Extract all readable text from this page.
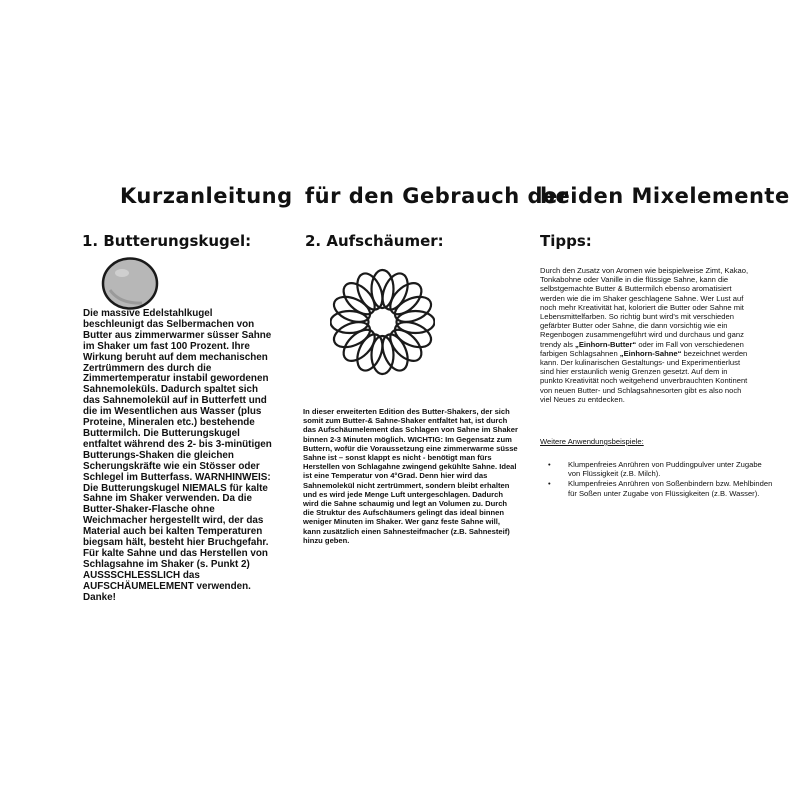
Kurzanleitung für den Gebrauch der
beiden Mixelemente
1. Butterungskugel:
Die massive Edelstahlkugel beschleunigt das Selbermachen von Butter aus zimmerwarmer süsser Sahne im Shaker um fast 100 Prozent. Ihre Wirkung beruht auf dem mechanischen Zertrümmern des durch die Zimmertemperatur instabil gewordenen Sahnemoleküls. Dadurch spaltet sich das Sahnemolekül auf in Butterfett und die im Wesentlichen aus Wasser (plus Proteine, Mineralen etc.) bestehende Buttermilch. Die Butterungskugel entfaltet während des 2- bis 3-minütigen Butterungs-Shaken die gleichen Scherungskräfte wie ein Stösser oder Schlegel im Butterfass. WARNHINWEIS: Die Butterungskugel NIEMALS für kalte Sahne im Shaker verwenden. Da die Butter-Shaker-Flasche ohne Weichmacher hergestellt wird, der das Material auch bei kalten Temperaturen biegsam hält, besteht hier Bruchgefahr. Für kalte Sahne und das Herstellen von Schlagsahne im Shaker (s. Punkt 2) AUSSSCHLESSLICH das AUFSCHÄUMELEMENT verwenden. Danke!
2. Aufschäumer:
In dieser erweiterten Edition des Butter-Shakers, der sich somit zum Butter-& Sahne-Shaker entfaltet hat, ist durch das Aufschäumelement das Schlagen von Sahne im Shaker binnen 2-3 Minuten möglich. WICHTIG: Im Gegensatz zum Buttern, wofür die Voraussetzung eine zimmerwarme süsse Sahne ist – sonst klappt es nicht - benötigt man fürs Herstellen von Schlagahne zwingend gekühlte Sahne. Ideal ist eine Temperatur von 4°Grad. Denn hier wird das Sahnemolekül nicht zertrümmert, sondern bleibt erhalten und es wird jede Menge Luft untergeschlagen. Dadurch wird die Sahne schaumig und legt an Volumen zu. Durch die Struktur des Aufschäumers gelingt das ideal binnen weniger Minuten im Shaker. Wer ganz feste Sahne will, kann zusätzlich einen Sahnesteifmacher (z.B. Sahnesteif) hinzu geben.
Tipps:
Durch den Zusatz von Aromen wie beispielweise Zimt, Kakao, Tonkabohne oder Vanille in die flüssige Sahne, kann die selbstgemachte Butter & Buttermilch ebenso aromatisiert werden wie die im Shaker geschlagene Sahne. Wer Lust auf noch mehr Kreativität hat, koloriert die Butter oder Sahne mit Lebensmittelfarben. So richtig bunt wird's mit verschieden gefärbter Butter oder Sahne, die dann vorsichtig wie ein Regenbogen zusammengeführt wird und durchaus und ganz trendy als „Einhorn-Butter“ oder im Fall von verschiedenen farbigen Schlagsahnen „Einhorn-Sahne“ bezeichnet werden kann. Der kulinarischen Gestaltungs- und Experimentierlust sind hier erstaunlich wenig Grenzen gesetzt. Auf dem in punkto Kreativität noch weitgehend unverbrauchten Kontinent von neuen Butter- und Schlagsahnesorten gibt es also noch viel Neues zu entdecken.
Weitere Anwendungsbeispiele:
• Klumpenfreies Anrühren von Puddingpulver unter Zugabe von Flüssigkeit (z.B. Milch).
• Klumpenfreies Anrühren von Soßenbindern bzw. Mehlbinden für Soßen unter Zugabe von Flüssigkeiten (z.B. Wasser).
